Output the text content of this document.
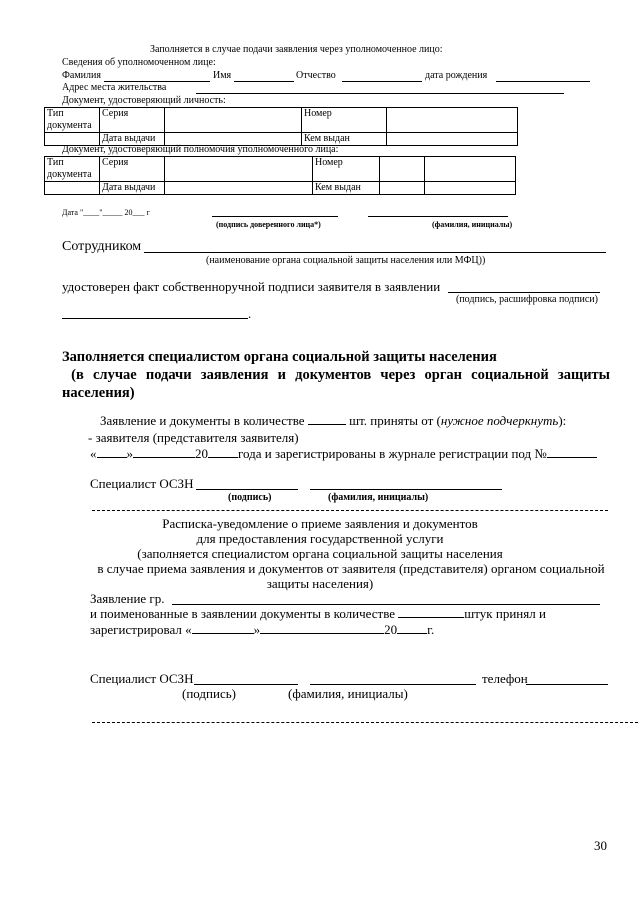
Заполняется в случае подачи заявления через уполномоченное лицо:
Сведения об уполномоченном лице:
Фамилия	Имя	Отчество	дата рождения
Адрес места жительства
Документ, удостоверяющий личность:
Тип
документа	Серия		Номер	
	Дата выдачи		Кем выдан	
Документ, удостоверяющий полномочия уполномоченного лица:
Тип
документа	Серия		Номер		
	Дата выдачи		Кем выдан		
Дата "____"_____ 20___ г
(подпись доверенного лица*)	(фамилия, инициалы)
Сотрудником
(наименование органа социальной защиты населения или МФЦ))
удостоверен факт собственноручной подписи заявителя в заявлении
(подпись, расшифровка подписи)
.
Заполняется специалистом органа социальной защиты населения
(в случае подачи заявления и документов через орган социальной защиты
населения)
Заявление и документы в количестве	шт. приняты от (нужное подчеркнуть):
- заявителя (представителя заявителя)
« »	20 года и зарегистрированы в журнале регистрации под №
Специалист ОСЗН
(подпись)	(фамилия, инициалы)
Расписка-уведомление о приеме заявления и документов
для предоставления государственной услуги
(заполняется специалистом органа социальной защиты населения
в случае приема заявления и документов от заявителя (представителя) органом социальной
защиты населения)
Заявление гр.
и поименованные в заявлении документы в количестве	штук принял и
зарегистрировал «	»	20 г.
Специалист ОСЗН	телефон
(подпись)	(фамилия, инициалы)
30
